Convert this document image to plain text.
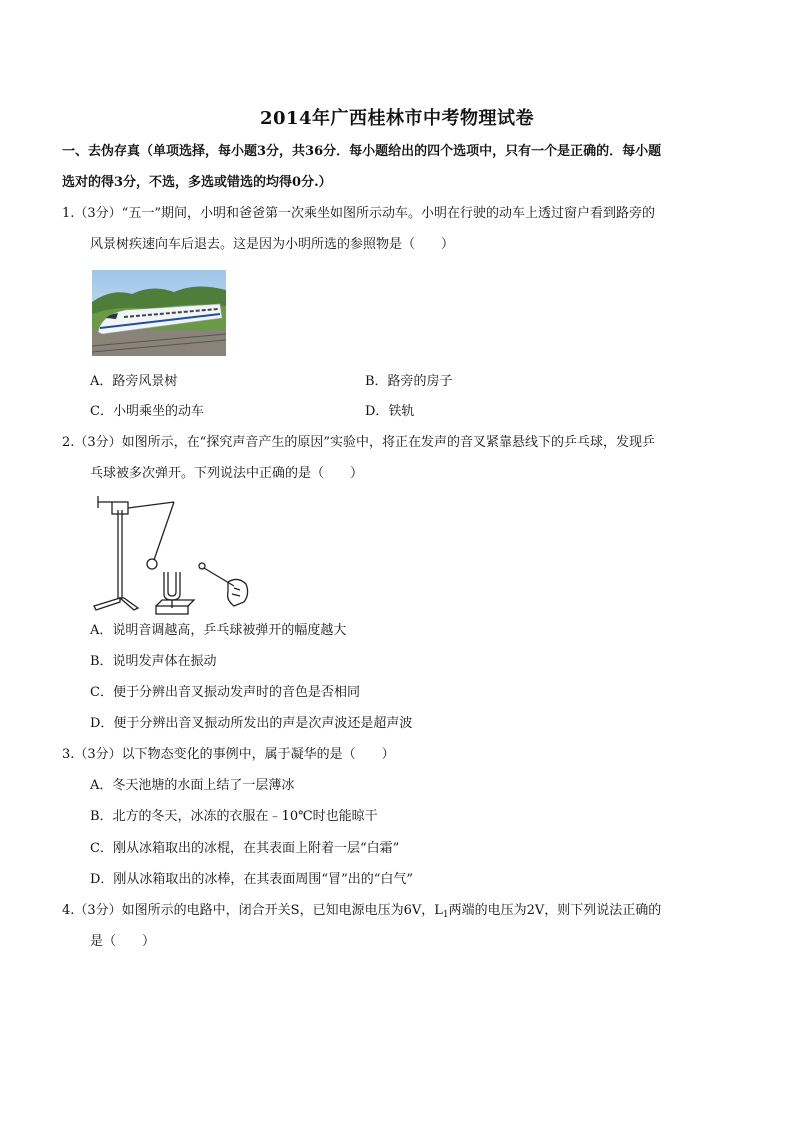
2014年广西桂林市中考物理试卷
一、去伪存真（单项选择，每小题3分，共36分．每小题给出的四个选项中，只有一个是正确的．每小题
选对的得3分，不选，多选或错选的均得0分.）
1.（3分）“五一”期间，小明和爸爸第一次乘坐如图所示动车。小明在行驶的动车上透过窗户看到路旁的
风景树疾速向车后退去。这是因为小明所选的参照物是（　　）
A．路旁风景树	B．路旁的房子
C．小明乘坐的动车	D．铁轨
2.（3分）如图所示，在“探究声音产生的原因”实验中，将正在发声的音叉紧靠悬线下的乒乓球，发现乒
乓球被多次弹开。下列说法中正确的是（　　）
A．说明音调越高，乒乓球被弹开的幅度越大
B．说明发声体在振动
C．便于分辨出音叉振动发声时的音色是否相同
D．便于分辨出音叉振动所发出的声是次声波还是超声波
3.（3分）以下物态变化的事例中，属于凝华的是（　　）
A．冬天池塘的水面上结了一层薄冰
B．北方的冬天，冰冻的衣服在﹣10℃时也能晾干
C．刚从冰箱取出的冰棍，在其表面上附着一层“白霜”
D．刚从冰箱取出的冰棒，在其表面周围“冒”出的“白气”
4.（3分）如图所示的电路中，闭合开关S，已知电源电压为6V，$L_1$两端的电压为2V，则下列说法正确的
是（　　）
